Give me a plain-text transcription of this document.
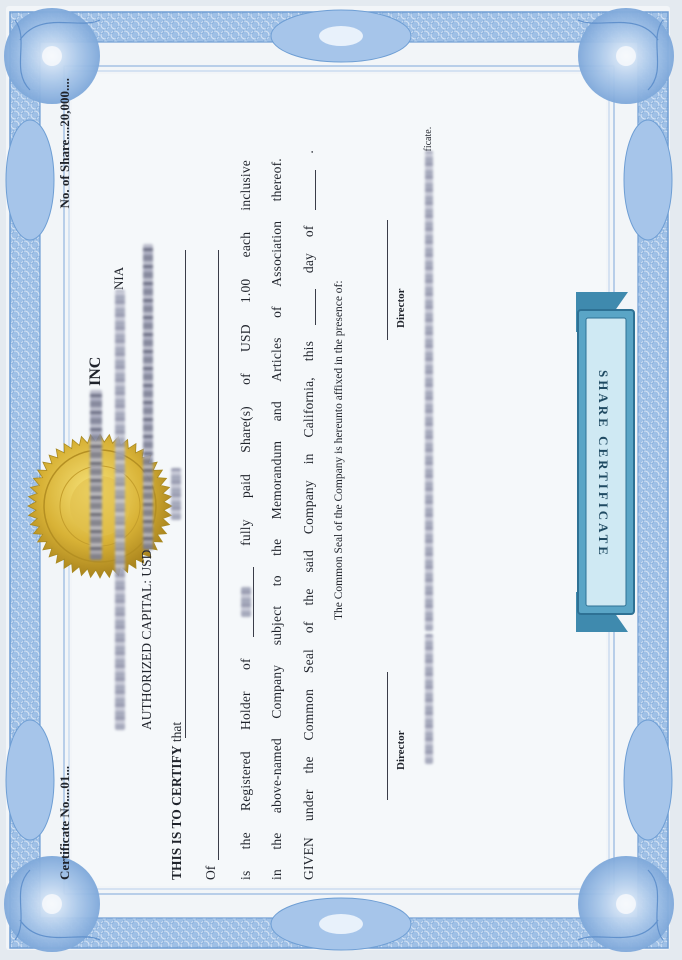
SHARE CERTIFICATE
Certificate No....01...
No. of Share....20,000....
INC
NIA
AUTHORIZED CAPITAL: USD
THIS IS TO CERTIFY that
Of is
the
Registered
Holder
of
fully
paid
Share(s)
of
USD
1.00
each
inclusive
in
the
above-named
Company
subject
to
the
Memorandum
and
Articles
of
Association
thereof.
GIVEN
under
the
Common
Seal
of
the
said
Company
in
California,
this
day
of
.
The Common Seal of the Company is hereunto affixed in the presence of:
Director
Director
ficate.
